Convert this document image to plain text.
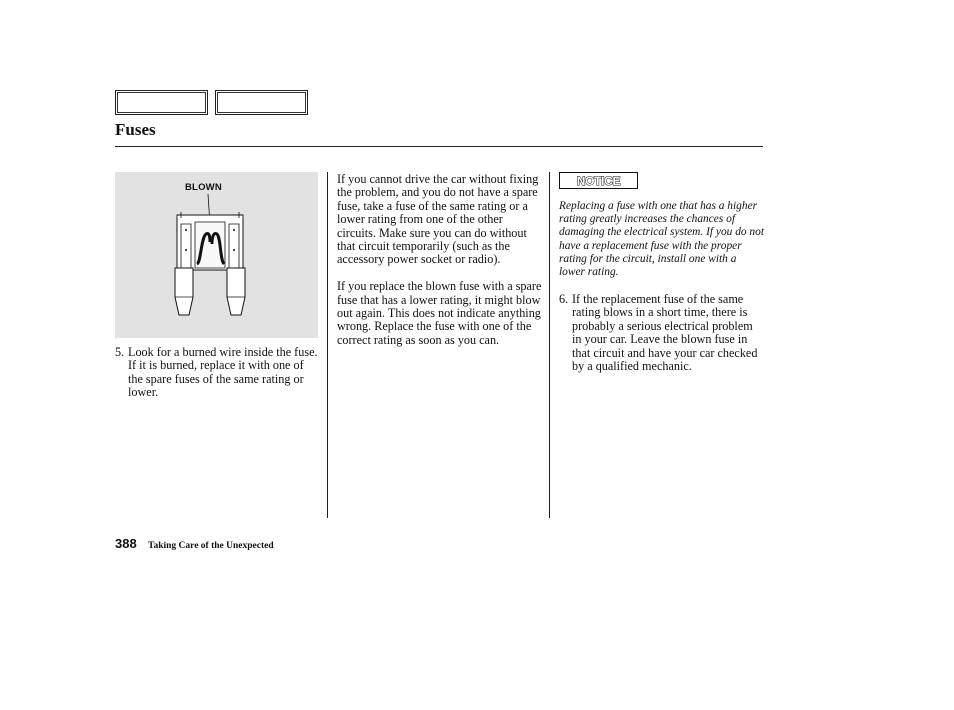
Fuses
BLOWN
5. Look for a burned wire inside the fuse. If it is burned, replace it with one of the spare fuses of the same rating or lower.

If you cannot drive the car without fixing the problem, and you do not have a spare fuse, take a fuse of the same rating or a lower rating from one of the other circuits. Make sure you can do without that circuit temporarily (such as the accessory power socket or radio).

If you replace the blown fuse with a spare fuse that has a lower rating, it might blow out again. This does not indicate anything wrong. Replace the fuse with one of the correct rating as soon as you can.

NOTICE
Replacing a fuse with one that has a higher rating greatly increases the chances of damaging the electrical system. If you do not have a replacement fuse with the proper rating for the circuit, install one with a lower rating.
6. If the replacement fuse of the same rating blows in a short time, there is probably a serious electrical problem in your car. Leave the blown fuse in that circuit and have your car checked by a qualified mechanic.
388 Taking Care of the Unexpected
